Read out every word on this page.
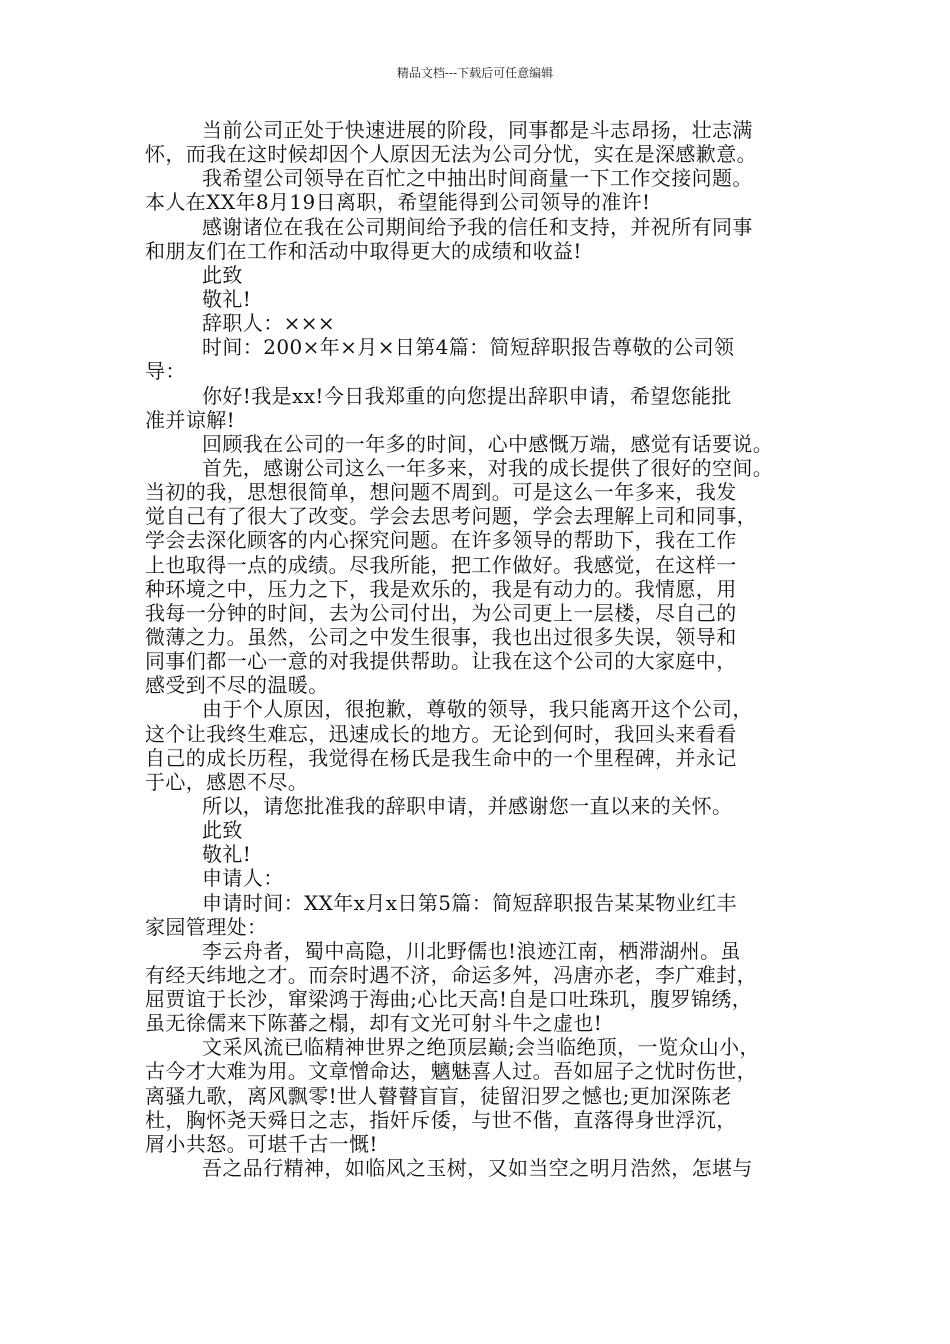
精品文档---下载后可任意编辑
当前公司正处于快速进展的阶段，同事都是斗志昂扬，壮志满
怀，而我在这时候却因个人原因无法为公司分忧，实在是深感歉意。
我希望公司领导在百忙之中抽出时间商量一下工作交接问题。
本人在XX年8月19日离职，希望能得到公司领导的准许!
感谢诸位在我在公司期间给予我的信任和支持，并祝所有同事
和朋友们在工作和活动中取得更大的成绩和收益!
此致
敬礼!
辞职人：×××
时间：200×年×月×日第4篇：简短辞职报告尊敬的公司领
导：
你好!我是xx!今日我郑重的向您提出辞职申请，希望您能批
准并谅解!
回顾我在公司的一年多的时间，心中感慨万端，感觉有话要说。
首先，感谢公司这么一年多来，对我的成长提供了很好的空间。
当初的我，思想很简单，想问题不周到。可是这么一年多来，我发
觉自己有了很大了改变。学会去思考问题，学会去理解上司和同事，
学会去深化顾客的内心探究问题。在许多领导的帮助下，我在工作
上也取得一点的成绩。尽我所能，把工作做好。我感觉，在这样一
种环境之中，压力之下，我是欢乐的，我是有动力的。我情愿，用
我每一分钟的时间，去为公司付出，为公司更上一层楼，尽自己的
微薄之力。虽然，公司之中发生很事，我也出过很多失误，领导和
同事们都一心一意的对我提供帮助。让我在这个公司的大家庭中，
感受到不尽的温暖。
由于个人原因，很抱歉，尊敬的领导，我只能离开这个公司，
这个让我终生难忘，迅速成长的地方。无论到何时，我回头来看看
自己的成长历程，我觉得在杨氏是我生命中的一个里程碑，并永记
于心，感恩不尽。
所以，请您批准我的辞职申请，并感谢您一直以来的关怀。
此致
敬礼!
申请人：
申请时间：XX年x月x日第5篇：简短辞职报告某某物业红丰
家园管理处：
李云舟者，蜀中高隐，川北野儒也!浪迹江南，栖滞湖州。虽
有经天纬地之才。而奈时遇不济，命运多舛，冯唐亦老，李广难封，
屈贾谊于长沙，窜梁鸿于海曲;心比天高!自是口吐珠玑，腹罗锦绣，
虽无徐儒来下陈蕃之榻，却有文光可射斗牛之虚也!
文采风流已临精神世界之绝顶层巅;会当临绝顶，一览众山小，
古今才大难为用。文章憎命达，魑魅喜人过。吾如屈子之忧时伤世，
离骚九歌，离风飘零!世人瞽瞽盲盲，徒留汨罗之憾也;更加深陈老
杜，胸怀尧天舜日之志，指奸斥倭，与世不偕，直落得身世浮沉，
屑小共怒。可堪千古一慨!
吾之品行精神，如临风之玉树，又如当空之明月浩然，怎堪与
